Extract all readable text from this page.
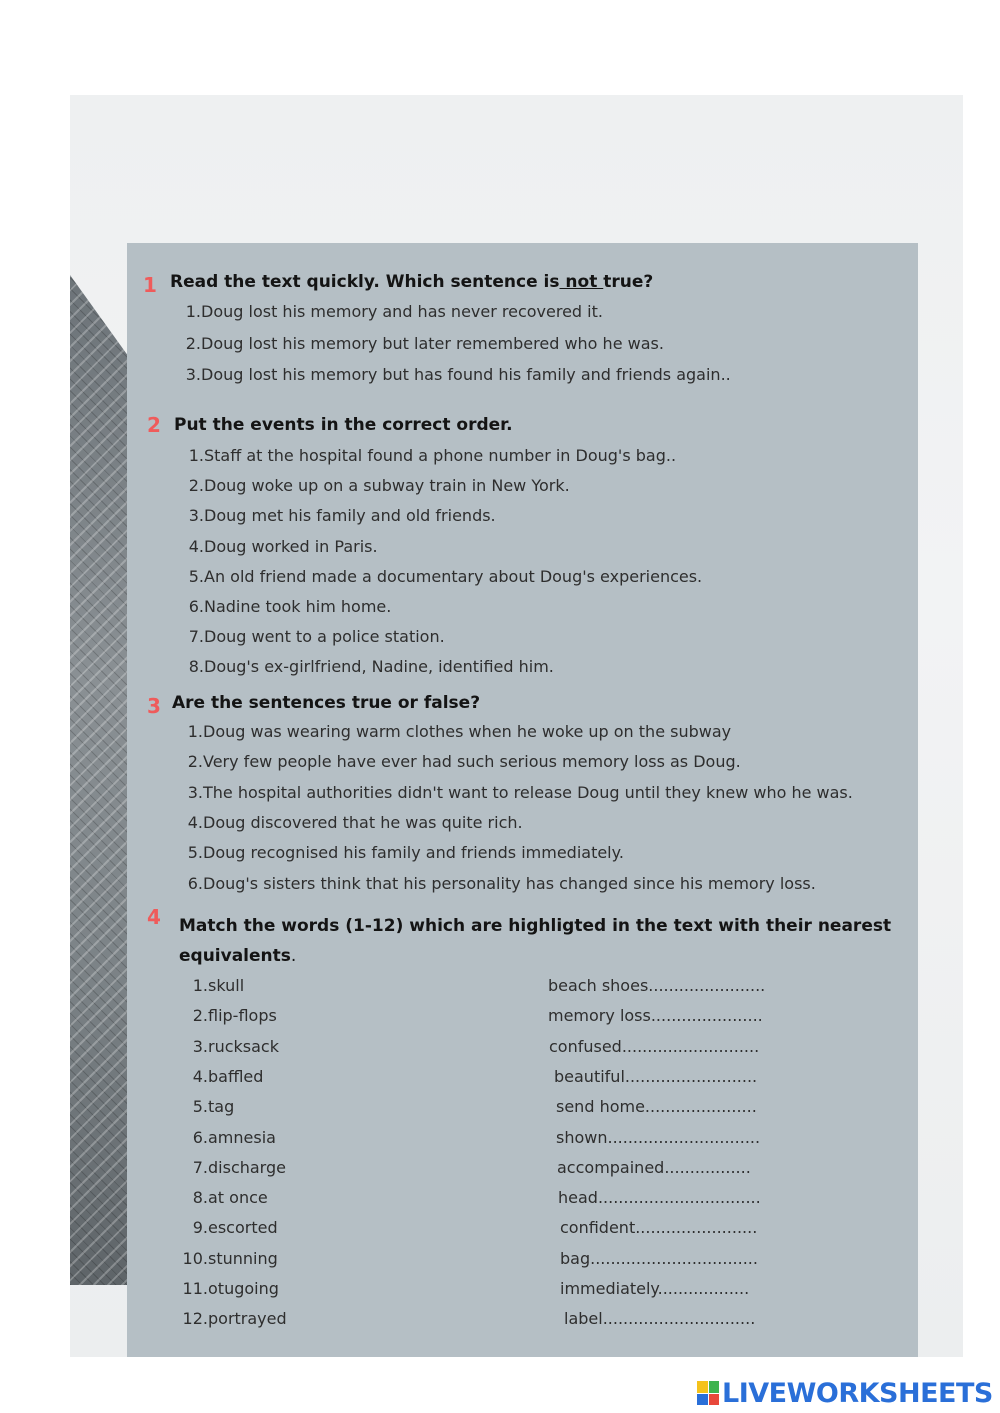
1 Read the text quickly. Which sentence is not true?
1.Doug lost his memory and has never recovered it.
2.Doug lost his memory but later remembered who he was.
3.Doug lost his memory but has found his family and friends again..
2 Put the events in the correct order.
1.Staff at the hospital found a phone number in Doug's bag..
2.Doug woke up on a subway train in New York.
3.Doug met his family and old friends.
4.Doug worked in Paris.
5.An old friend made a documentary about Doug's experiences.
6.Nadine took him home.
7.Doug went to a police station.
8.Doug's ex-girlfriend, Nadine, identified him.
3 Are the sentences true or false?
1.Doug was wearing warm clothes when he woke up on the subway
2.Very few people have ever had such serious memory loss as Doug.
3.The hospital authorities didn't want to release Doug until they knew who he was.
4.Doug discovered that he was quite rich.
5.Doug recognised his family and friends immediately.
6.Doug's sisters think that his personality has changed since his memory loss.
4 Match the words (1-12) which are highligted in the text with their nearest
equivalents.
1.skull	beach shoes.......................
2.flip-flops	memory loss......................
3.rucksack	confused...........................
4.baffled	beautiful..........................
5.tag	send home......................
6.amnesia	shown..............................
7.discharge	accompained.................
8.at once	head................................
9.escorted	confident........................
10.stunning	bag.................................
11.otugoing	immediately..................
12.portrayed	label..............................
LIVEWORKSHEETS
